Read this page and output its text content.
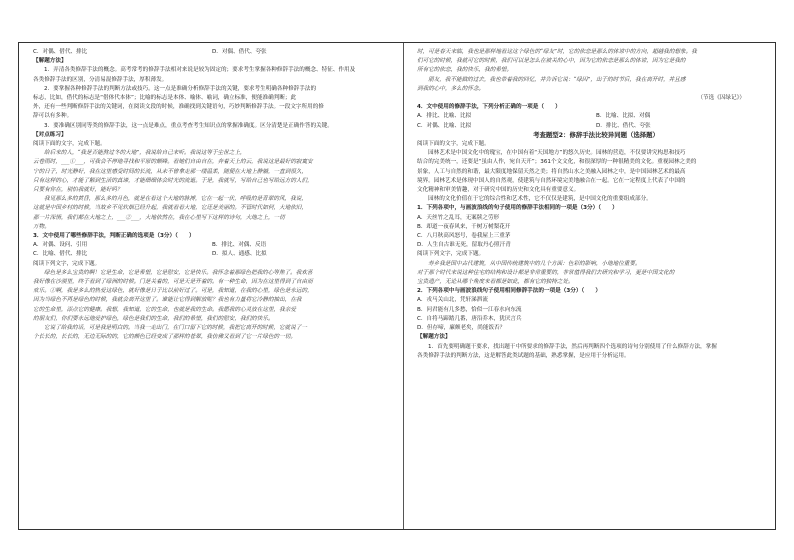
C．对偶、借代、排比	D．对偶、借代、夸张
【解题方法】
1．弄清各类修辞手法的概念。高考常考的修辞手法相对来说是较为固定的；要求考生掌握各种修辞手法的概念、特征、作用及
各类修辞手法的区别，分清易混修辞手法，厚积薄发。
2．要掌握各种修辞手法的判断方法或技巧。这一点是准确分析修辞手法的关键，要求考生明确各种修辞手法的
标志，比如，借代的标志是“借体代本体”；比喻的标志是本体、喻体、喻词，确立标准，便能准确判断；此
外，还有一些判断修辞手法的关键词，在阅读文段的时候，准确找到关键语句，巧妙判断修辞手法。一段文字所用的修
辞可以有多种。
3．要准确区别同等类的修辞手法，这一点是难点，重点考查考生知识点的掌握准确度。区分清楚是正确作答的关键。
【对点练习】
阅读下面的文字，完成下题。
给后来的人，“我是否能熬过冬的大地”，我说给自己来听。我说这等于尘世之上，
云卷雨时，___①___，可我会不停地寻找和平原的颠峰。看她们自由自在，奔着天上的云，我说这是最好的寂寞安
宁的日子，时光静好，我在这里感受时间的长流，从未不曾拿走那一缕温柔，随便在大地上静躺，一直到很久，
只有这样的心，才能了解到生活的真谛，才能细细体会时光的流逝。于是，我就写，写给自己也写给远方的人们，
只要有你在，别怕我就好，能好吗？
我见那么多的黄昏，那么多的月色，就是在看这个大地的脉搏，它在一起一伏，呼吸的是青翠的风，我说，
这就是中国乡村的时候，当故乡不见炊烟已经升起，我就看看大地，它还是美丽的。不管时代如何，大地依旧，
那一片深情，我们都在大地之上，___②___，大地依然在，我在心里写下这样的诗句，大地之上，一切
万物。
3．文中使用了哪些修辞手法，判断正确的选项是（3分）（　　）
A．对偶、设问、引用	B．排比、对偶、反语
C．比喻、借代、排比	D．拟人、通感、比拟
阅读下列文字，完成下题。
绿色是多么宝贵的啊！它是生命，它是希望，它是慰安，它是快乐。我怀念着那绿色把我的心等焦了。我欢喜
我好像在沙漠里，终于看到了绿洲的时候。门是关着的，可是天是开着的。有一种生命，因为在这里得到了自由而
欢乐。①啊，我是多么的热爱这绿色，就好像是日子比以前好过了。可是，我知道，在我的心里，绿色是永远的，
因为当绿色不再是绿色的时候，我就会离开这里了。谁能让它得到解放呢？我也有力量将它冷静的抽出，在我
它的生命里，添点它的健康。我想，我知道，它的生命，也就是我的生命。我愿我的心灵放在这里，我亲爱
的朋友们，你们要永远地爱护绿色，绿色是我们的生命，我们的希望，我们的慰安，我们的快乐。
它说了给我的话，可是我是明白的。当我一走出门，在门口留下它的时候，我把它离开的时候，它就说了一
个长长的，长长的，无边无际的的，它的颜色已经变成了那样的苍翠，我仿佛又看到了它一片绿色的一切。
时，可是春天来临，我也是那样地看这这个绿色的“绿友”时，它的依恋是那么的体谅中的方向，超越我的想象。我
们可它的时候，我就可它的时候，我们可以是怎么在被关的心中，因为它的依恋是那么的体谅，因为它是我的
所有它的依恋，我的快乐，我的希望。
朋友，我不能做的过去，我也带着我的回忆，并告诉它说：“绿囚”，出于的时节后，我在离开时，并且感
到我的心中，多么的怀念。
（节选《囚绿记》）
4．文中使用的修辞手法，下列分析正确的一项是（　　）
A．排比、比喻、比拟	B．比喻、比拟、对偶
C．对偶、比喻、比拟	D．排比、借代、夸张
考查题型2：修辞手法比较异同题（选择题）
阅读下面的文字，完成下题。
园林艺术是中国文化中的瑰宝，在中国有着“天国地方”的悠久历史。园林的营造，不仅要讲究构思和技巧
结合的完美统一，还要是“虽由人作，宛自天开”；361个文文化，和很深厚的一种很精美的文化。重视园林之美的
景象，人工与自然的和谐，最大限度地保留天然之美；将自然山水之美融入园林之中，是中国园林艺术的最高
境界。园林艺术是体现中国人的自然观，使建筑与自然环境完美地融合在一起。它在一定程度上代表了中国的
文化精神和审美情趣，对于研究中国的历史和文化具有重要意义。
园林的文化价值在于它的综合性和艺术性，它不仅仅是建筑，是中国文化的重要组成部分。
1．下列各项中，与画波浪线的句子使用的修辞手法相同的一项是（3分）（　　）
A．天丝竹之乱耳，无案牍之劳形
B．却道一夜春风来，千树万树梨花开
C．八月秋高风怒号，卷我屋上三重茅
D．人生自古谁无死，留取丹心照汗青
阅读下列文字，完成下题。
寿乡我是国中古代建筑，从中国传统建筑中的几个方面：色彩的影响，小地地位重要。
对于那个时代来说这种住宅的结构和设计都是非常重要的，非常值得我们去研究和学习，更是中国文化的
宝贵遗产，无论从哪个角度来看都是如此，都有它的独特之处。
2．下列各项中与画波浪线句子使用相同修辞手法的一项是（3分）（　　）
A．戎马关山北，凭轩涕泗流
B．问君能有几多愁，恰似一江春水向东流
C．自将马蹄踏几番，唐沿乔木，犹厌言兵
D．但存啼，廉颇老矣，尚能饭否？
【解题方法】
1．首先要明确题干要求，找出题干中所要求的修辞手法，然后再判断四个选项的诗句分别使用了什么修辞方法，掌握
各类修辞手法的判断方法，这是解答此类试题的基础，熟悉掌握，是应用于分析运用。
